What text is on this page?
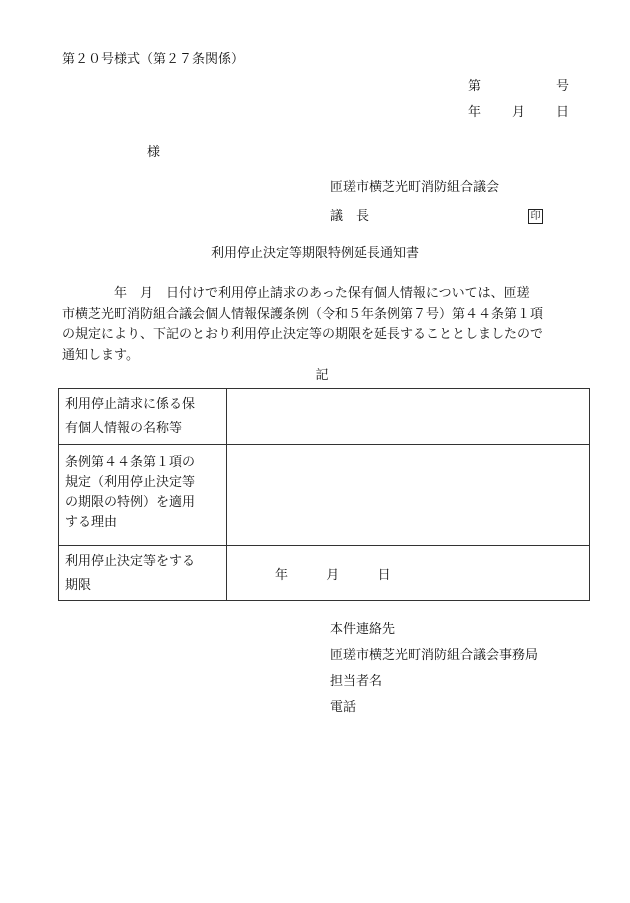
第２０号様式（第２７条関係）
第	号
年 月 日
様
匝瑳市横芝光町消防組合議会
議長	印
利用停止決定等期限特例延長通知書
　　　　年　月　日付けで利用停止請求のあった保有個人情報については、匝瑳
市横芝光町消防組合議会個人情報保護条例（令和５年条例第７号）第４４条第１項
の規定により、下記のとおり利用停止決定等の期限を延長することとしましたので
通知します。
記
利用停止請求に係る保
有個人情報の名称等	

条例第４４条第１項の
規定（利用停止決定等
の期限の特例）を適用
する理由	

利用停止決定等をする
期限	年 月 日
本件連絡先
匝瑳市横芝光町消防組合議会事務局
担当者名
電話
